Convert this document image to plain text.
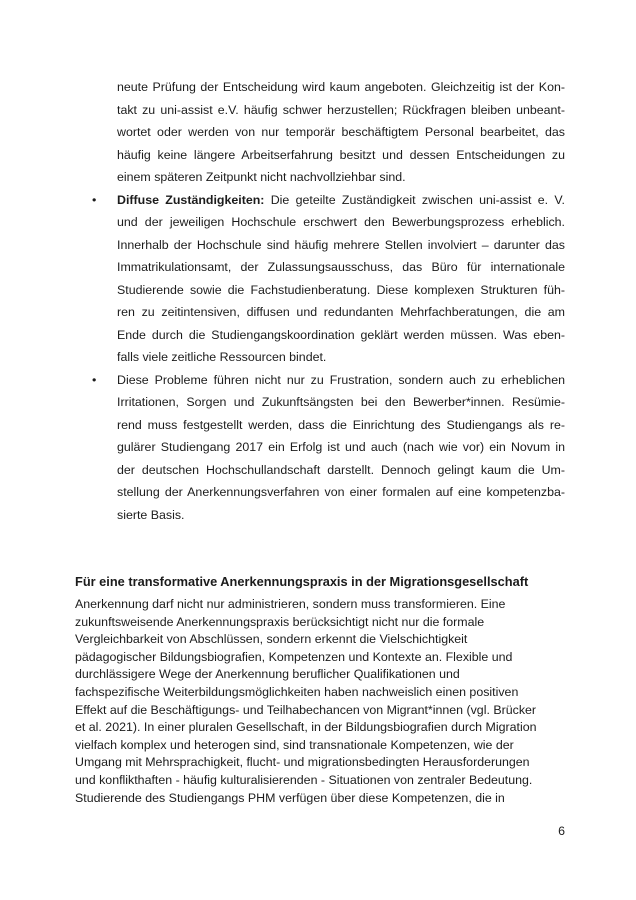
neute Prüfung der Entscheidung wird kaum angeboten. Gleichzeitig ist der Kon-
takt zu uni-assist e.V. häufig schwer herzustellen; Rückfragen bleiben unbeant-
wortet oder werden von nur temporär beschäftigtem Personal bearbeitet, das
häufig keine längere Arbeitserfahrung besitzt und dessen Entscheidungen zu
einem späteren Zeitpunkt nicht nachvollziehbar sind.
•	Diffuse Zuständigkeiten: Die geteilte Zuständigkeit zwischen uni-assist e. V.
und der jeweiligen Hochschule erschwert den Bewerbungsprozess erheblich.
Innerhalb der Hochschule sind häufig mehrere Stellen involviert – darunter das
Immatrikulationsamt, der Zulassungsausschuss, das Büro für internationale
Studierende sowie die Fachstudienberatung. Diese komplexen Strukturen füh-
ren zu zeitintensiven, diffusen und redundanten Mehrfachberatungen, die am
Ende durch die Studiengangskoordination geklärt werden müssen. Was eben-
falls viele zeitliche Ressourcen bindet.
•	Diese Probleme führen nicht nur zu Frustration, sondern auch zu erheblichen
Irritationen, Sorgen und Zukunftsängsten bei den Bewerber*innen. Resümie-
rend muss festgestellt werden, dass die Einrichtung des Studiengangs als re-
gulärer Studiengang 2017 ein Erfolg ist und auch (nach wie vor) ein Novum in
der deutschen Hochschullandschaft darstellt. Dennoch gelingt kaum die Um-
stellung der Anerkennungsverfahren von einer formalen auf eine kompetenzba-
sierte Basis.
Für eine transformative Anerkennungspraxis in der Migrationsgesellschaft
Anerkennung darf nicht nur administrieren, sondern muss transformieren. Eine
zukunftsweisende Anerkennungspraxis berücksichtigt nicht nur die formale
Vergleichbarkeit von Abschlüssen, sondern erkennt die Vielschichtigkeit
pädagogischer Bildungsbiografien, Kompetenzen und Kontexte an. Flexible und
durchlässigere Wege der Anerkennung beruflicher Qualifikationen und
fachspezifische Weiterbildungsmöglichkeiten haben nachweislich einen positiven
Effekt auf die Beschäftigungs- und Teilhabechancen von Migrant*innen (vgl. Brücker
et al. 2021). In einer pluralen Gesellschaft, in der Bildungsbiografien durch Migration
vielfach komplex und heterogen sind, sind transnationale Kompetenzen, wie der
Umgang mit Mehrsprachigkeit, flucht- und migrationsbedingten Herausforderungen
und konflikthaften - häufig kulturalisierenden - Situationen von zentraler Bedeutung.
Studierende des Studiengangs PHM verfügen über diese Kompetenzen, die in
6
